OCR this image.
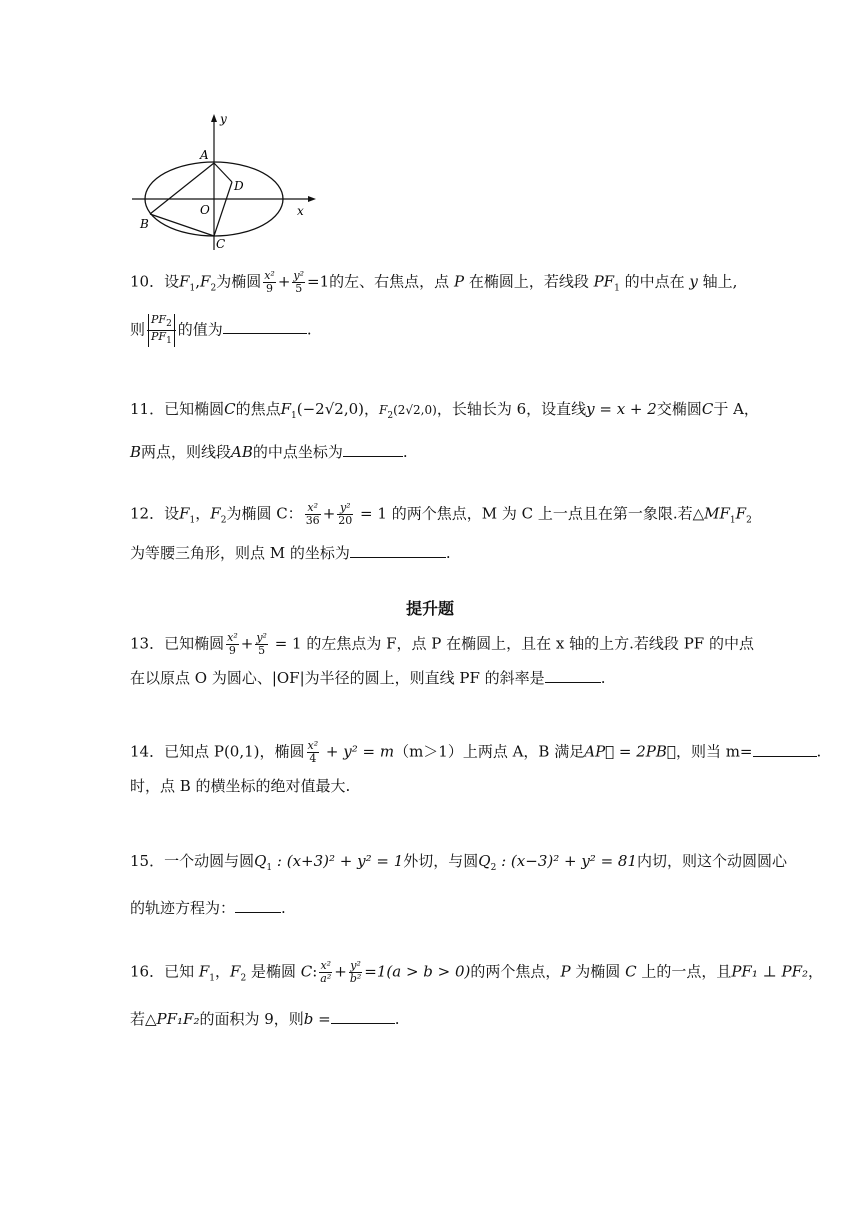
y
x
A
B
C
D
O
10．设$F_1,F_2$为椭圆 $\frac{\text{x²}}{9} + \frac{\text{y²}}{5} =1$的左、右焦点，点 P 在椭圆上，若线段 $PF_1$ 的中点在 y 轴上,
则 $\frac{PF_2}{PF_1}$ 的值为	.
11．已知椭圆C的焦点$F_1(-2√2,0)$，$F_2(2√2,0)$，长轴长为 6，设直线y = x + 2交椭圆C于 A，
B两点，则线段AB的中点坐标为	.
12．设$F_1$，$F_2$为椭圆 C： $\frac{\text{x²}}{36} + \frac{\text{y²}}{20} = 1$ 的两个焦点，M 为 C 上一点且在第一象限.若$\triangle MF_1F_2$
为等腰三角形，则点 M 的坐标为	.
提升题
13．已知椭圆 $\frac{\text{x²}}{9} + \frac{\text{y²}}{5} = 1$ 的左焦点为 F，点 P 在椭圆上，且在 x 轴的上方.若线段 PF 的中点
在以原点 O 为圆心、|OF|为半径的圆上，则直线 PF 的斜率是	.
14．已知点 P(0,1)，椭圆 $\frac{\text{x²}}{4} + y^2 = m(m>1)$上两点 A，B 满足AP⃗ = 2PB⃗，则当 m=	.
时，点 B 的横坐标的绝对值最大.
15．一个动圆与圆$Q_1$ : (x+3)² + y² = 1外切，与圆$Q_2$ : (x−3)² + y² = 81内切，则这个动圆圆心
的轨迹方程为：	.
16．已知 $F_1$，$F_2$ 是椭圆 C: $\frac{\text{x²}}{\text{a²}} + \frac{\text{y²}}{\text{b²}} =1(a > b > 0)$的两个焦点，P 为椭圆 C 上的一点，且PF₁ ⊥ PF₂，
若△PF₁F₂的面积为 9，则b =	.
